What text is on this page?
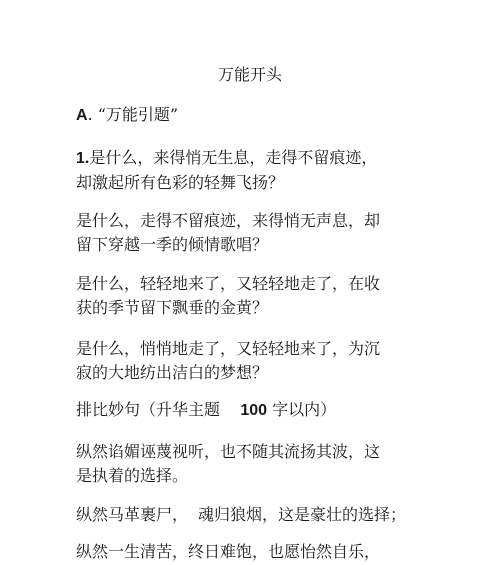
万能开头
A. “万能引题”
1.是什么，来得悄无生息，走得不留痕迹，
却激起所有色彩的轻舞飞扬？
是什么，走得不留痕迹，来得悄无声息，却
留下穿越一季的倾情歌唱？
是什么，轻轻地来了，又轻轻地走了，在收
获的季节留下飘垂的金黄？
是什么，悄悄地走了，又轻轻地来了，为沉
寂的大地纺出洁白的梦想？
排比妙句（升华主题 100 字以内）
纵然谄媚诬蔑视听，也不随其流扬其波，这
是执着的选择。
纵然马革裹尸， 魂归狼烟，这是豪壮的选择；
纵然一生清苦，终日难饱，也愿怡然自乐，
